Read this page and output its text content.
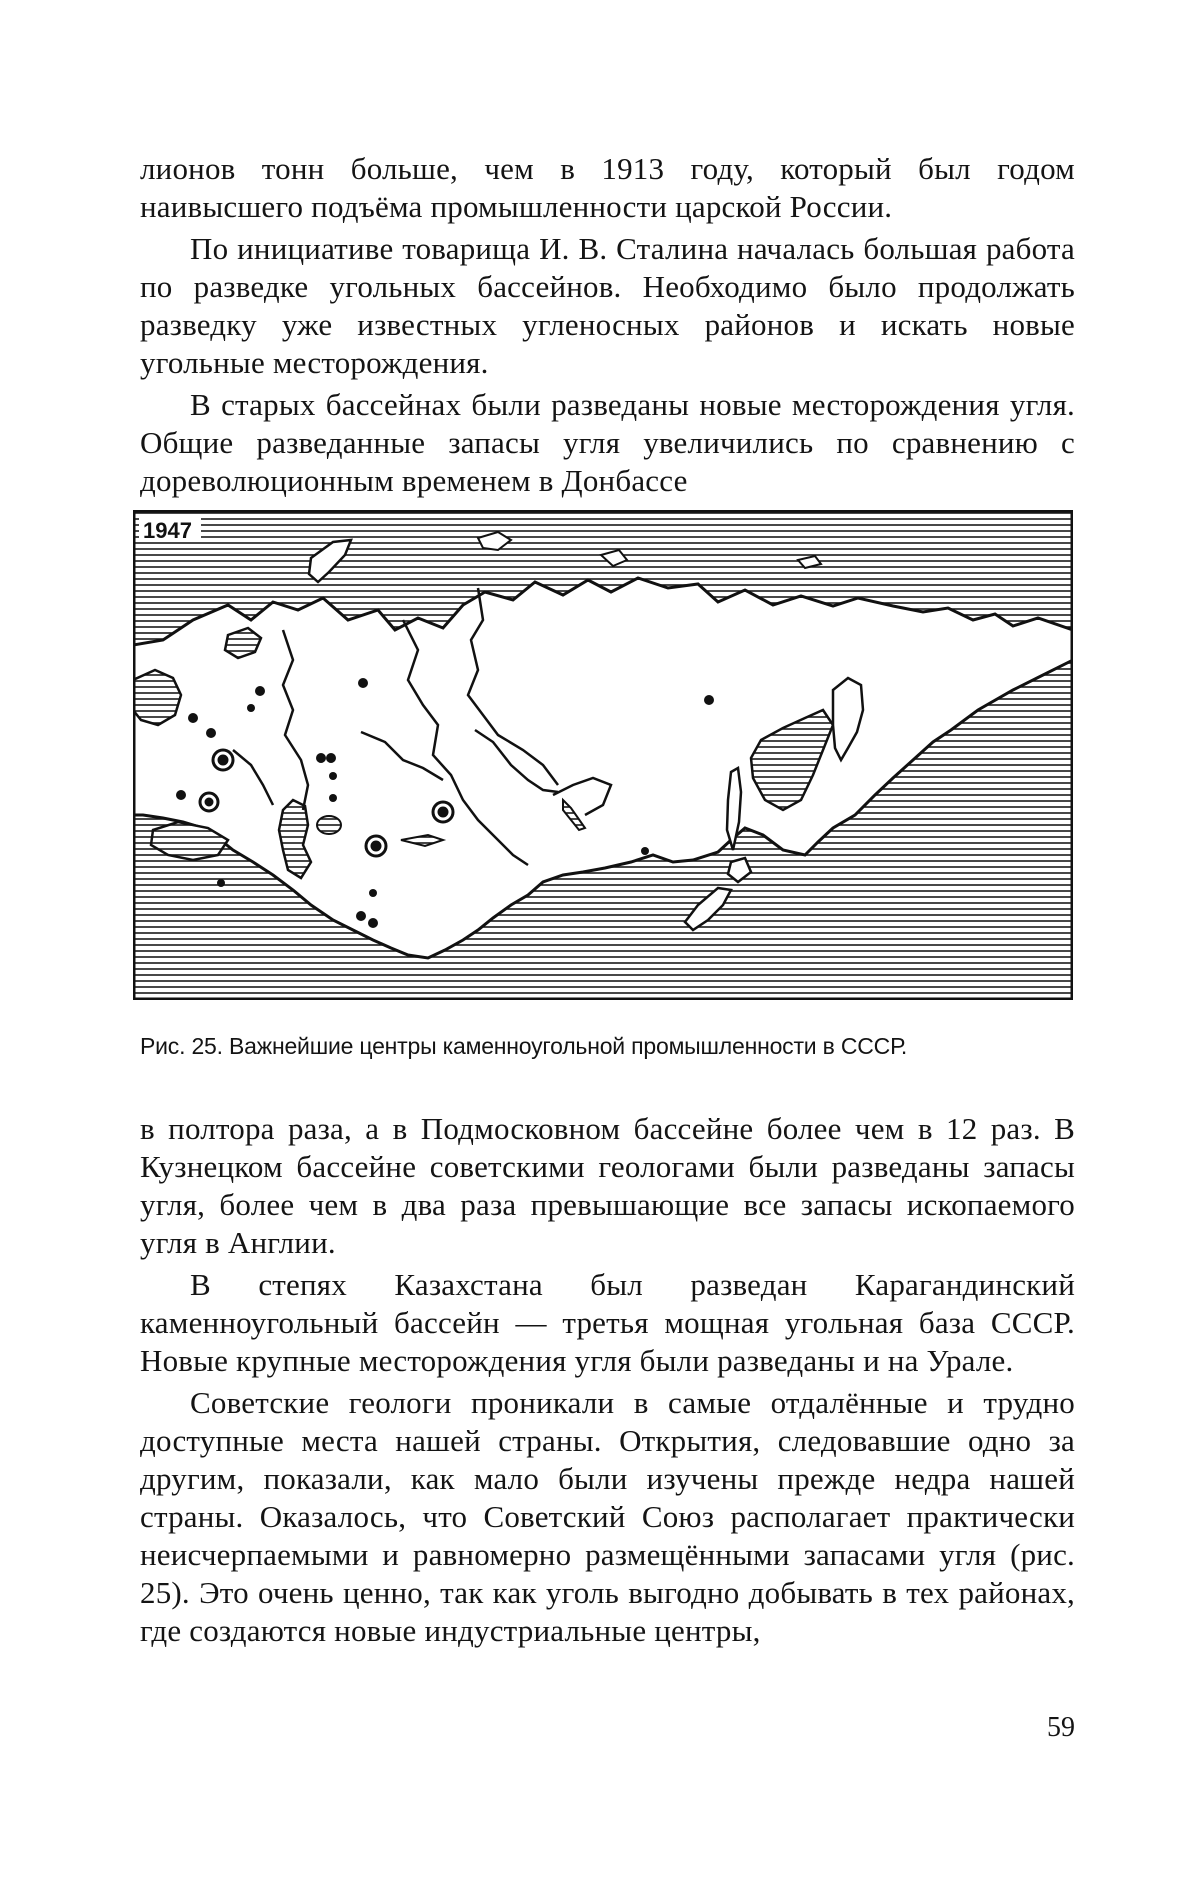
лионов тонн больше, чем в 1913 году, который был годом наивысшего подъёма промышленности царской России.

По инициативе товарища И. В. Сталина началась большая работа по разведке угольных бассейнов. Необходимо было продолжать разведку уже известных угленосных районов и искать новые угольные месторождения.

В старых бассейнах были разведаны новые месторождения угля. Общие разведанные запасы угля увеличились по сравнению с дореволюционным временем в Донбассе

1947
Рис. 25. Важнейшие центры каменноугольной промышленности в СССР.

в полтора раза, а в Подмосковном бассейне более чем в 12 раз. В Кузнецком бассейне советскими геологами были разведаны запасы угля, более чем в два раза превышающие все запасы ископаемого угля в Англии.

В степях Казахстана был разведан Карагандинский каменноугольный бассейн — третья мощная угольная база СССР. Новые крупные месторождения угля были разведаны и на Урале.

Советские геологи проникали в самые отдалённые и трудно доступные места нашей страны. Открытия, следовавшие одно за другим, показали, как мало были изучены прежде недра нашей страны. Оказалось, что Советский Союз располагает практически неисчерпаемыми и равномерно размещёнными запасами угля (рис. 25). Это очень ценно, так как уголь выгодно добывать в тех районах, где создаются новые индустриальные центры,

59
